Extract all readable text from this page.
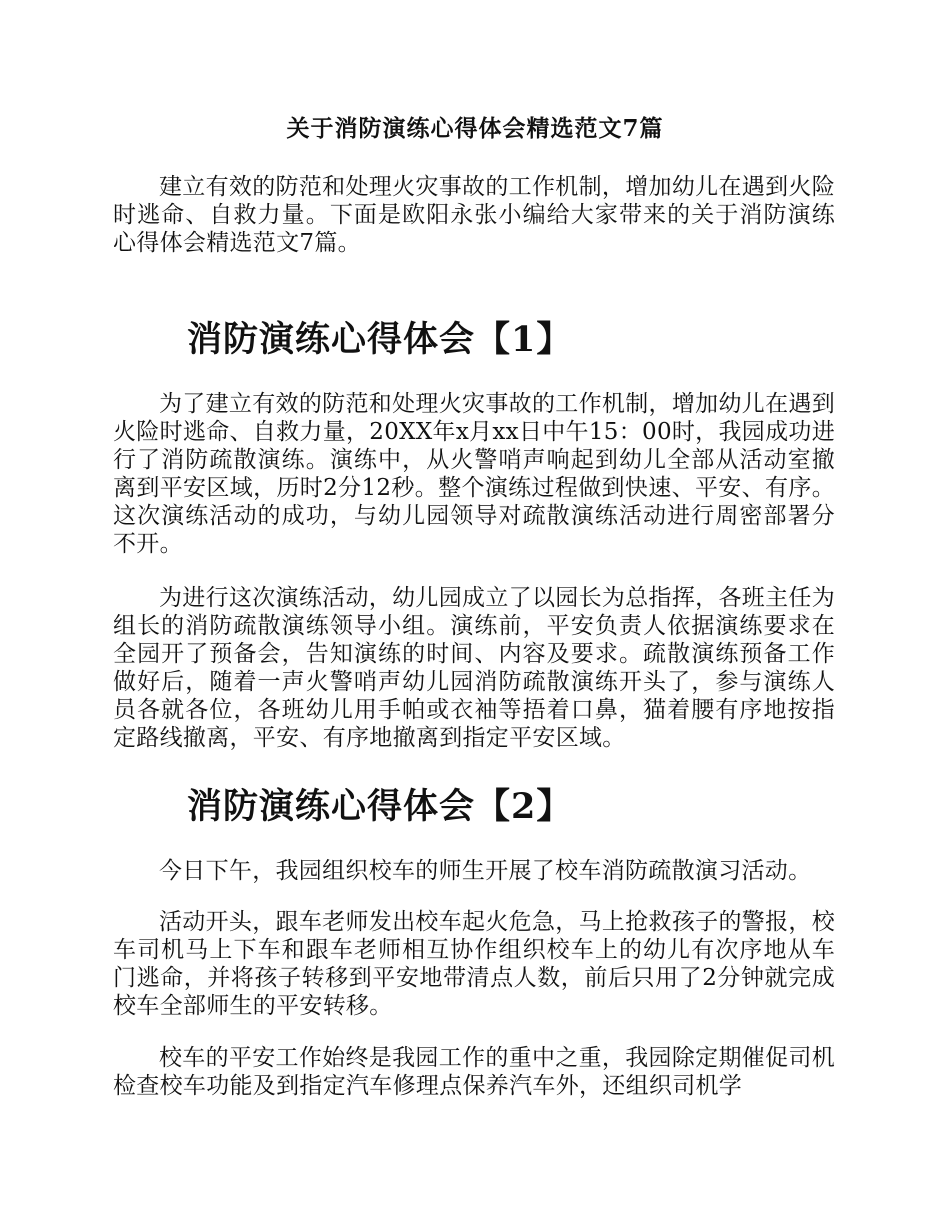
关于消防演练心得体会精选范文7篇

建立有效的防范和处理火灾事故的工作机制，增加幼儿在遇到火险时逃命、自救力量。下面是欧阳永张小编给大家带来的关于消防演练心得体会精选范文7篇。

消防演练心得体会【1】

为了建立有效的防范和处理火灾事故的工作机制，增加幼儿在遇到火险时逃命、自救力量，20XX年x月xx日中午15：00时，我园成功进行了消防疏散演练。演练中，从火警哨声响起到幼儿全部从活动室撤离到平安区域，历时2分12秒。整个演练过程做到快速、平安、有序。这次演练活动的成功，与幼儿园领导对疏散演练活动进行周密部署分不开。

为进行这次演练活动，幼儿园成立了以园长为总指挥，各班主任为组长的消防疏散演练领导小组。演练前，平安负责人依据演练要求在全园开了预备会，告知演练的时间、内容及要求。疏散演练预备工作做好后，随着一声火警哨声幼儿园消防疏散演练开头了，参与演练人员各就各位，各班幼儿用手帕或衣袖等捂着口鼻，猫着腰有序地按指定路线撤离，平安、有序地撤离到指定平安区域。

消防演练心得体会【2】

今日下午，我园组织校车的师生开展了校车消防疏散演习活动。

活动开头，跟车老师发出校车起火危急，马上抢救孩子的警报，校车司机马上下车和跟车老师相互协作组织校车上的幼儿有次序地从车门逃命，并将孩子转移到平安地带清点人数，前后只用了2分钟就完成校车全部师生的平安转移。

校车的平安工作始终是我园工作的重中之重，我园除定期催促司机检查校车功能及到指定汽车修理点保养汽车外，还组织司机学
